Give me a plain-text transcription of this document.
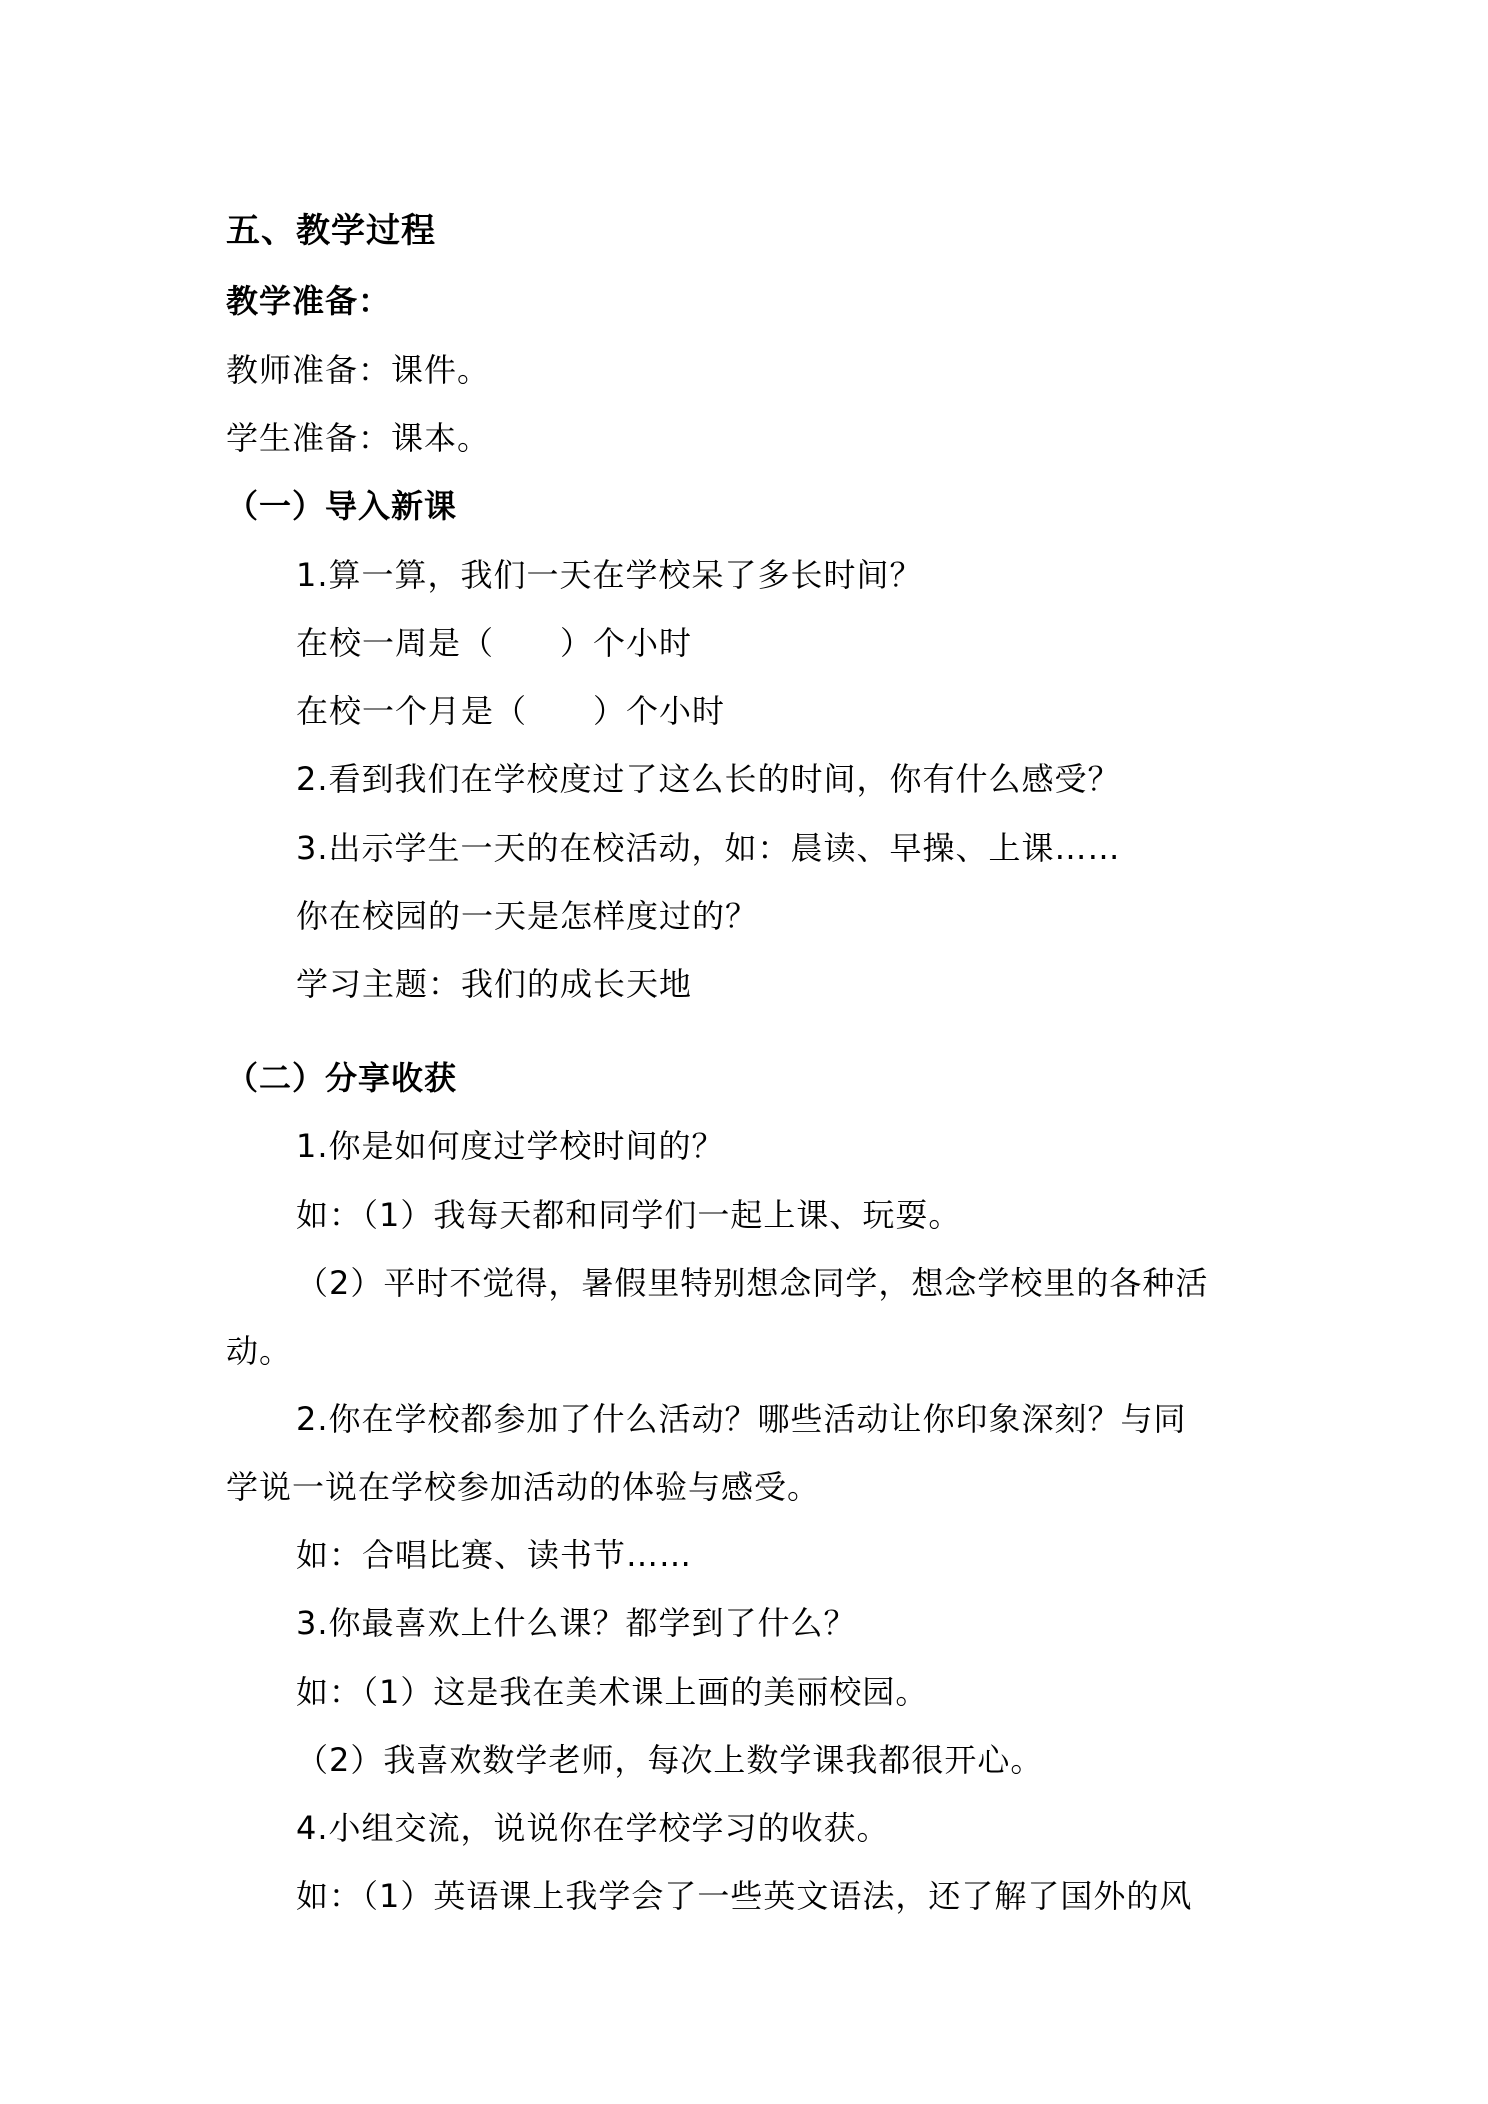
五、教学过程
教学准备：
教师准备：课件。
学生准备：课本。
（一）导入新课
1.算一算，我们一天在学校呆了多长时间？
在校一周是（　　）个小时
在校一个月是（　　）个小时
2.看到我们在学校度过了这么长的时间，你有什么感受？
3.出示学生一天的在校活动，如：晨读、早操、上课……
你在校园的一天是怎样度过的？
学习主题：我们的成长天地
（二）分享收获
1.你是如何度过学校时间的？
如：（1）我每天都和同学们一起上课、玩耍。
（2）平时不觉得，暑假里特别想念同学，想念学校里的各种活
动。
2.你在学校都参加了什么活动？哪些活动让你印象深刻？与同
学说一说在学校参加活动的体验与感受。
如：合唱比赛、读书节……
3.你最喜欢上什么课？都学到了什么？
如：（1）这是我在美术课上画的美丽校园。
（2）我喜欢数学老师，每次上数学课我都很开心。
4.小组交流，说说你在学校学习的收获。
如：（1）英语课上我学会了一些英文语法，还了解了国外的风
